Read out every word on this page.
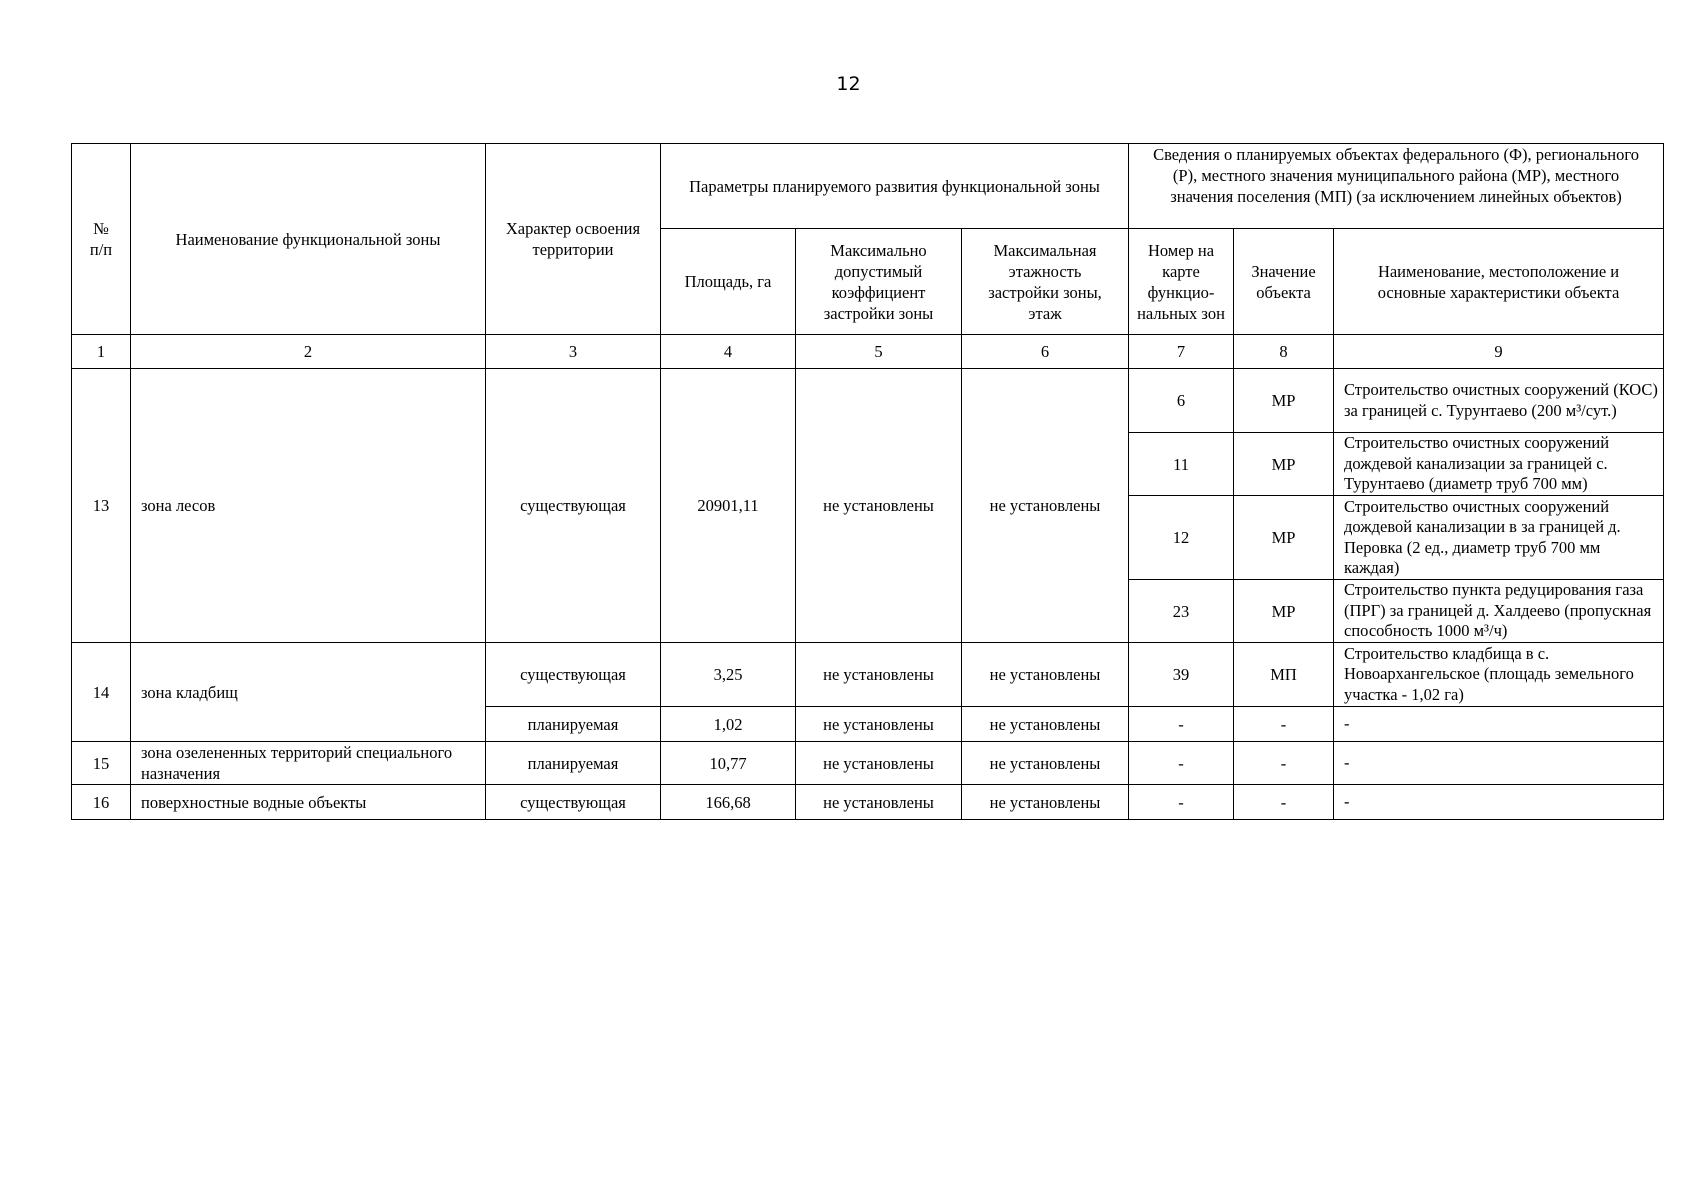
12
№ п/п	Наименование функциональной зоны	Характер освоения территории	Параметры планируемого развития функциональной зоны			Сведения о планируемых объектах федерального (Ф), регионального (Р), местного значения муниципального района (МР), местного значения поселения (МП) (за исключением линейных объектов)		
			Площадь, га	Максимально допустимый коэффициент застройки зоны	Максимальная этажность застройки зоны, этаж	Номер на карте функцио-нальных зон	Значение объекта	Наименование, местоположение и основные характеристики объекта
1	2	3	4	5	6	7	8	9
13	зона лесов	существующая	20901,11	не установлены	не установлены	6	МР	Строительство очистных сооружений (КОС) за границей с. Турунтаево (200 м³/сут.)
						11	МР	Строительство очистных сооружений дождевой канализации за границей с. Турунтаево (диаметр труб 700 мм)
						12	МР	Строительство очистных сооружений дождевой канализации в за границей д. Перовка (2 ед., диаметр труб 700 мм каждая)
						23	МР	Строительство пункта редуцирования газа (ПРГ) за границей д. Халдеево (пропускная способность 1000 м³/ч)
14	зона кладбищ	существующая	3,25	не установлены	не установлены	39	МП	Строительство кладбища в с. Новоархангельское (площадь земельного участка - 1,02 га)
		планируемая	1,02	не установлены	не установлены	-	-	-
15	зона озелененных территорий специального назначения	планируемая	10,77	не установлены	не установлены	-	-	-
16	поверхностные водные объекты	существующая	166,68	не установлены	не установлены	-	-	-
